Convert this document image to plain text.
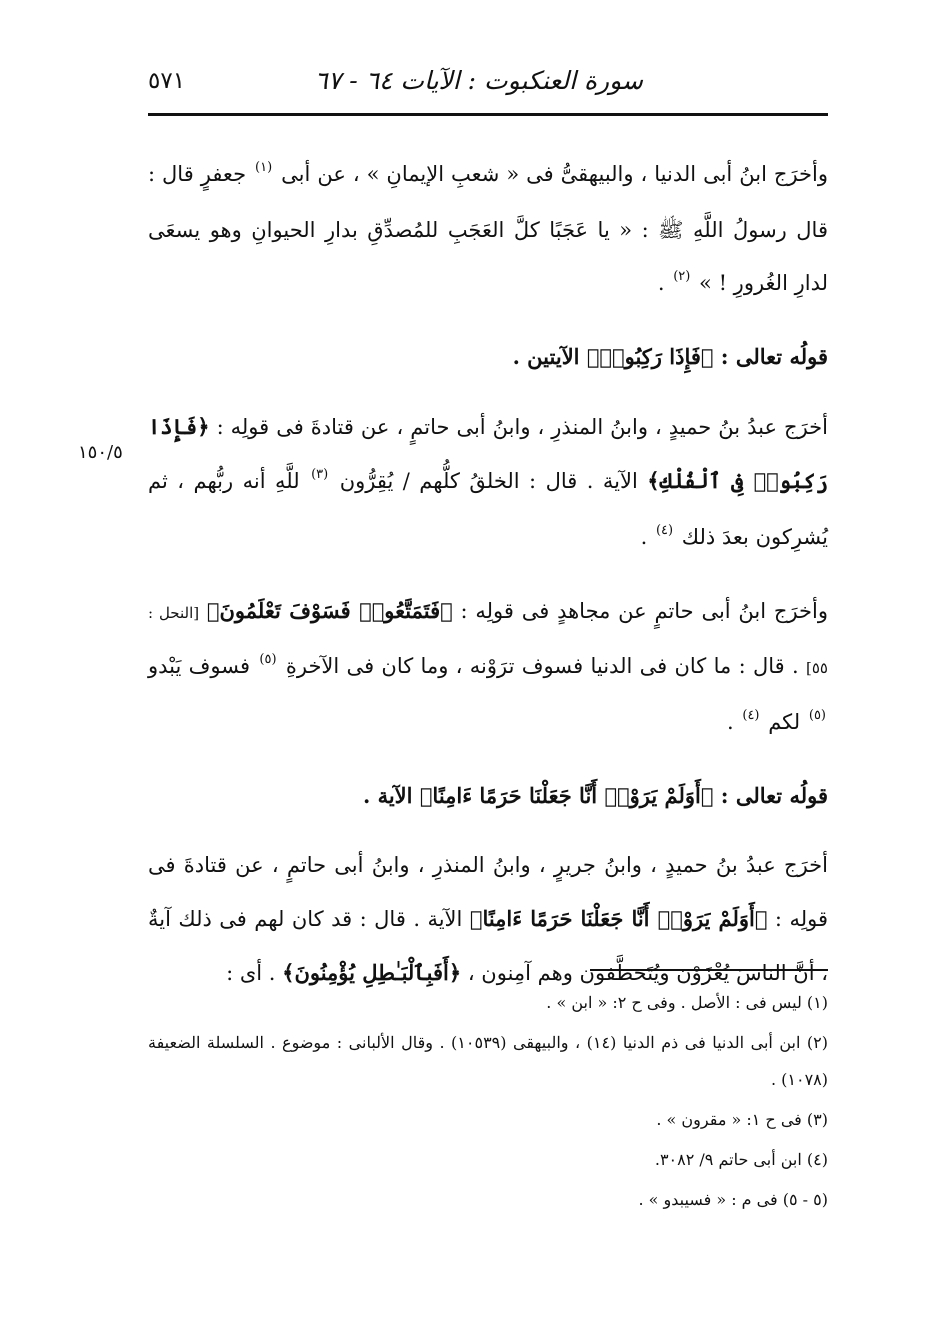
سورة العنكبوت : الآيات ٦٤ - ٦٧
٥٧١
١٥٠/٥

وأخرَج ابنُ أبى الدنيا ، والبيهقىُّ فى « شعبِ الإيمانِ » ، عن أبى $^{(١)}$ جعفرٍ قال : قال رسولُ اللَّهِ ﷺ : « يا عَجَبًا كلَّ العَجَبِ للمُصدِّقِ بدارِ الحيوانِ وهو يسعَى لدارِ الغُرورِ ! » $^{(٢)}$ .

قولُه تعالى : ﴿فَإِذَا رَكِبُوا۟﴾ الآيتين .

أخرَج عبدُ بنُ حميدٍ ، وابنُ المنذرِ ، وابنُ أبى حاتمٍ ، عن قتادةَ فى قولِه : ﴿فَإِذَا رَكِبُوا۟ فِى ٱلْفُلْكِ﴾ الآية . قال : الخلقُ كلُّهم / يُقِرُّون $^{(٣)}$ للَّهِ أنه ربُّهم ، ثم يُشرِكون بعدَ ذلك $^{(٤)}$ .

وأخرَج ابنُ أبى حاتمٍ عن مجاهدٍ فى قولِه : ﴿فَتَمَتَّعُوا۟ فَسَوْفَ تَعْلَمُونَ﴾ [النحل : ٥٥] . قال : ما كان فى الدنيا فسوف ترَوْنه ، وما كان فى الآخرةِ $^{(٥)}$ فسوف يَبْدو $^{(٥)}$ لكم $^{(٤)}$ .

قولُه تعالى : ﴿أَوَلَمْ يَرَوْا۟ أَنَّا جَعَلْنَا حَرَمًا ءَامِنًا﴾ الآية .

أخرَج عبدُ بنُ حميدٍ ، وابنُ جريرٍ ، وابنُ المنذرِ ، وابنُ أبى حاتمٍ ، عن قتادةَ فى قولِه : ﴿أَوَلَمْ يَرَوْا۟ أَنَّا جَعَلْنَا حَرَمًا ءَامِنًا﴾ الآية . قال : قد كان لهم فى ذلك آيةٌ ، أنَّ الناسَ يُغْزَوْن ويُتَخطَّفون وهم آمِنون ، ﴿أَفَبِٱلْبَـٰطِلِ يُؤْمِنُونَ﴾ . أى :

(١) ليس فى : الأصل . وفى ح ٢: « ابن » .

(٢) ابن أبى الدنيا فى ذم الدنيا (١٤) ، والبيهقى (١٠٥٣٩) . وقال الألبانى : موضوع . السلسلة الضعيفة (١٠٧٨) .

(٣) فى ح ١: « مقرون » .

(٤) ابن أبى حاتم ٩/ ٣٠٨٢.

(٥ - ٥) فى م : « فسيبدو » .
